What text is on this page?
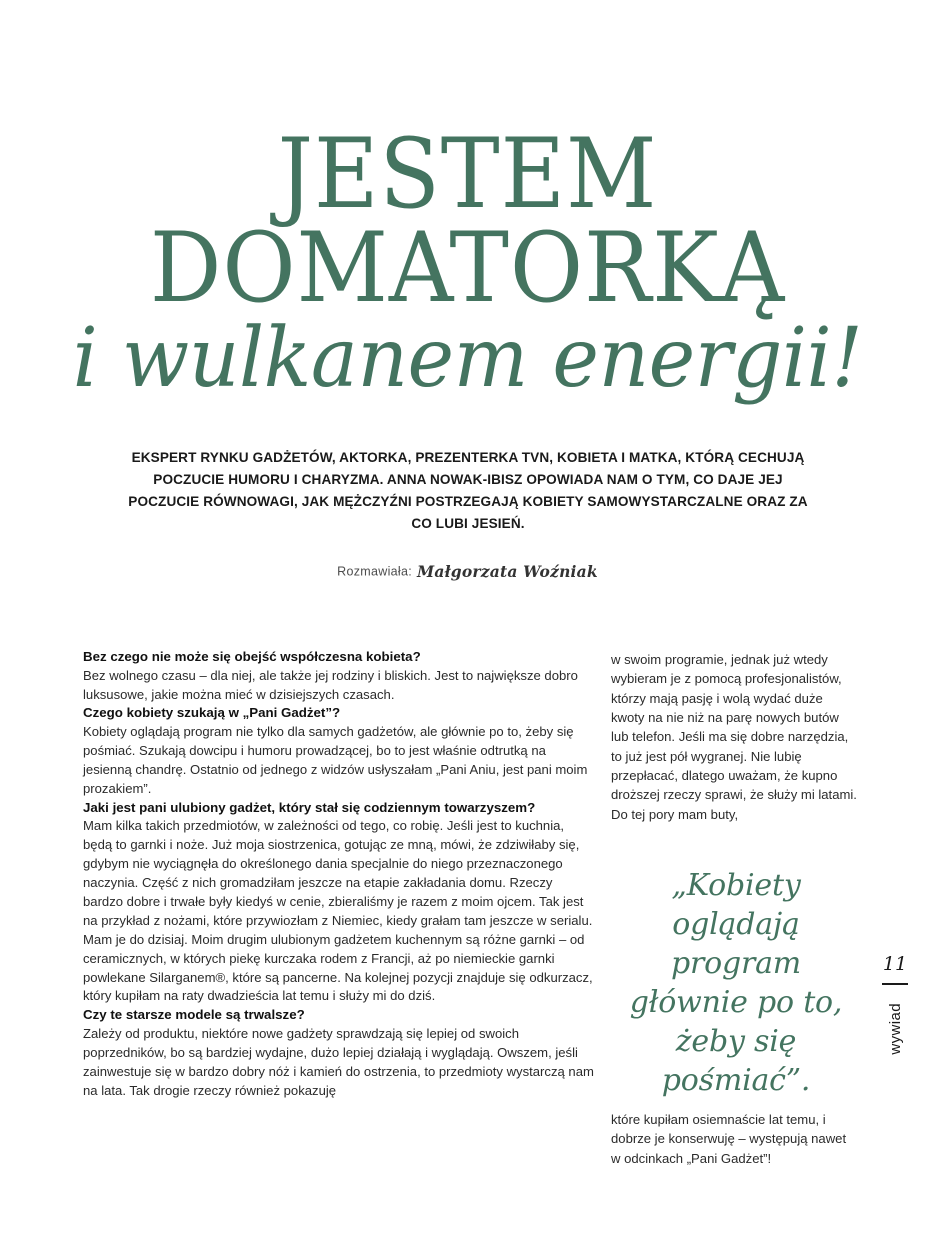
JESTEM
DOMATORKĄ
i wulkanem energii!
EKSPERT RYNKU GADŻETÓW, AKTORKA, PREZENTERKA TVN, KOBIETA I MATKA, KTÓRĄ CECHUJĄ POCZUCIE HUMORU I CHARYZMA. ANNA NOWAK-IBISZ OPOWIADA NAM O TYM, CO DAJE JEJ POCZUCIE RÓWNOWAGI, JAK MĘŻCZYŹNI POSTRZEGAJĄ KOBIETY SAMOWYSTARCZALNE ORAZ ZA CO LUBI JESIEŃ.
Rozmawiała: Małgorzata Woźniak

Bez czego nie może się obejść współczesna kobieta?

Bez wolnego czasu – dla niej, ale także jej rodziny i bliskich. Jest to największe dobro luksusowe, jakie można mieć w dzisiejszych czasach.

Czego kobiety szukają w „Pani Gadżet”?

Kobiety oglądają program nie tylko dla samych gadżetów, ale głównie po to, żeby się pośmiać. Szukają dowcipu i humoru prowadzącej, bo to jest właśnie odtrutką na jesienną chandrę. Ostatnio od jednego z widzów usłyszałam „Pani Aniu, jest pani moim prozakiem”.

Jaki jest pani ulubiony gadżet, który stał się codziennym towarzyszem?

Mam kilka takich przedmiotów, w zależności od tego, co robię. Jeśli jest to kuchnia, będą to garnki i noże. Już moja siostrzenica, gotując ze mną, mówi, że zdziwiłaby się, gdybym nie wyciągnęła do określonego dania specjalnie do niego przeznaczonego naczynia. Część z nich gromadziłam jeszcze na etapie zakładania domu. Rzeczy bardzo dobre i trwałe były kiedyś w cenie, zbieraliśmy je razem z moim ojcem. Tak jest na przykład z nożami, które przywiozłam z Niemiec, kiedy grałam tam jeszcze w serialu. Mam je do dzisiaj. Moim drugim ulubionym gadżetem kuchennym są różne garnki – od ceramicznych, w których piekę kurczaka rodem z Francji, aż po niemieckie garnki powlekane Silarganem®, które są pancerne. Na kolejnej pozycji znajduje się odkurzacz, który kupiłam na raty dwadzieścia lat temu i służy mi do dziś.

Czy te starsze modele są trwalsze?

Zależy od produktu, niektóre nowe gadżety sprawdzają się lepiej od swoich poprzedników, bo są bardziej wydajne, dużo lepiej działają i wyglądają. Owszem, jeśli zainwestuje się w bardzo dobry nóż i kamień do ostrzenia, to przedmioty wystarczą nam na lata. Tak drogie rzeczy również pokazuję

w swoim programie, jednak już wtedy wybieram je z pomocą profesjonalistów, którzy mają pasję i wolą wydać duże kwoty na nie niż na parę nowych butów lub telefon. Jeśli ma się dobre narzędzia, to już jest pół wygranej. Nie lubię przepłacać, dlatego uważam, że kupno droższej rzeczy sprawi, że służy mi latami. Do tej pory mam buty,

„Kobiety oglądają program głównie po to, żeby się pośmiać”.

które kupiłam osiemnaście lat temu, i dobrze je konserwuję – występują nawet w odcinkach „Pani Gadżet”!

11
wywiad
